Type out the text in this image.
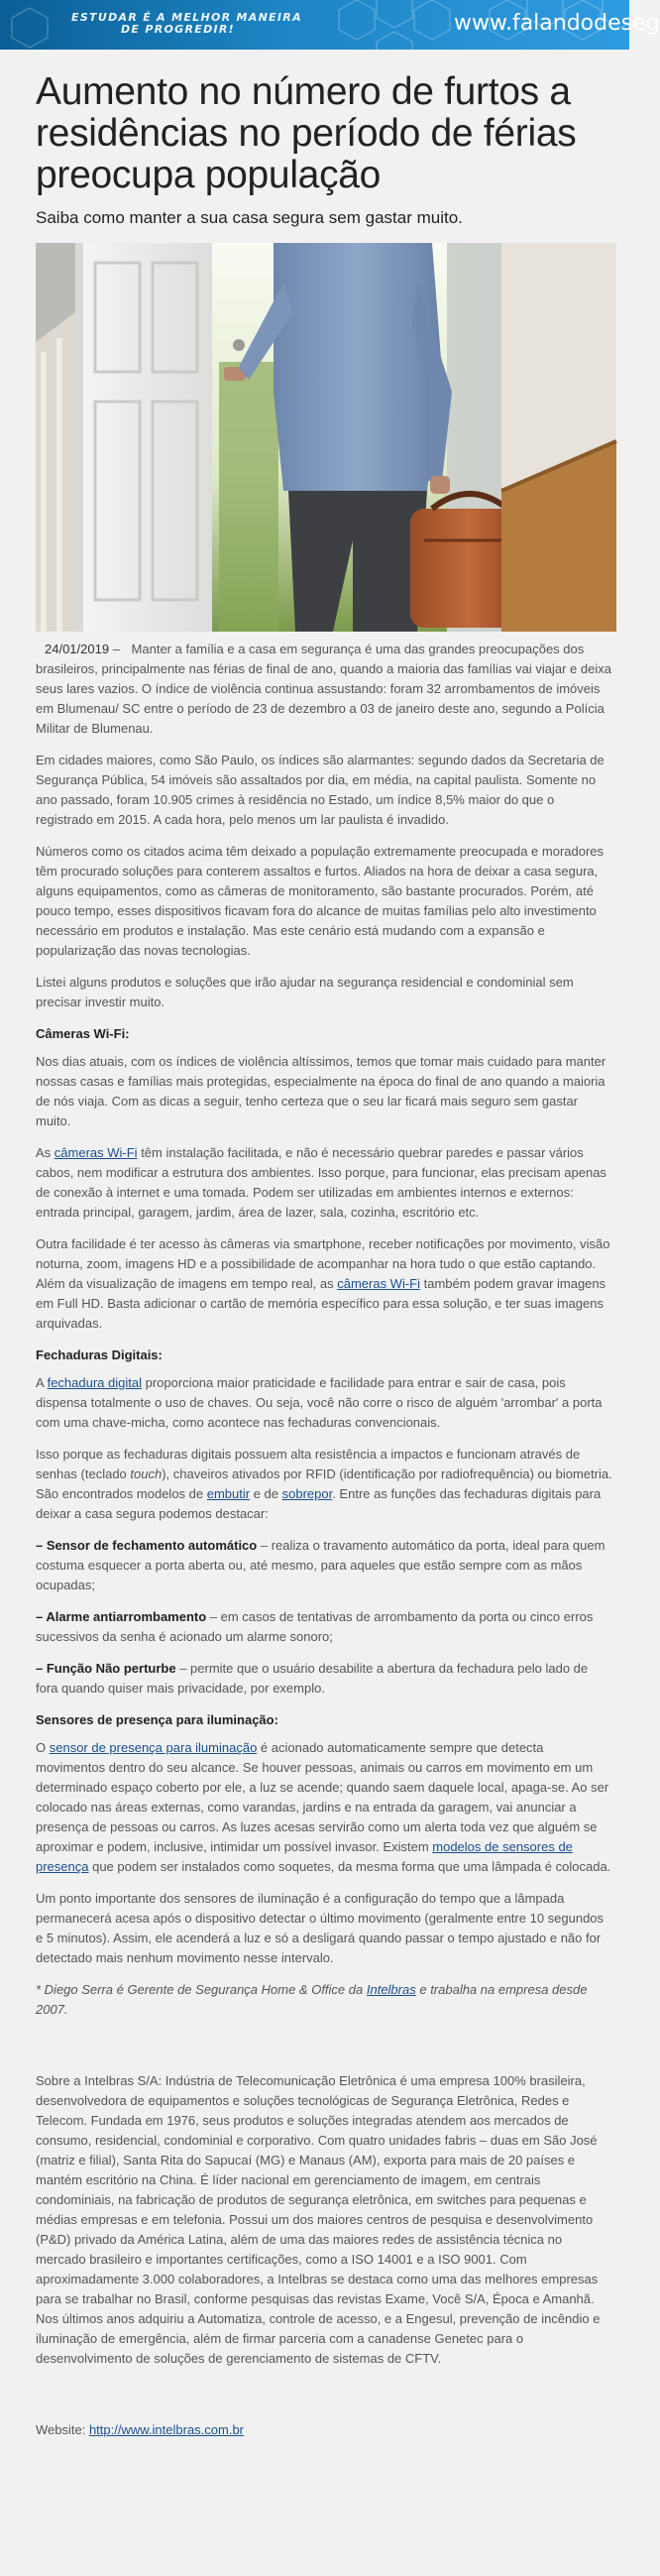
ESTUDAR É A MELHOR MANEIRA
DE PROGREDIR!	www.falandodeseg
Aumento no número de furtos a residências no período de férias preocupa população
Saiba como manter a sua casa segura sem gastar muito.

24/01/2019 – Manter a família e a casa em segurança é uma das grandes preocupações dos brasileiros, principalmente nas férias de final de ano, quando a maioria das famílias vai viajar e deixa seus lares vazios. O índice de violência continua assustando: foram 32 arrombamentos de imóveis em Blumenau/ SC entre o período de 23 de dezembro a 03 de janeiro deste ano, segundo a Polícia Militar de Blumenau.

Em cidades maiores, como São Paulo, os índices são alarmantes: segundo dados da Secretaria de Segurança Pública, 54 imóveis são assaltados por dia, em média, na capital paulista. Somente no ano passado, foram 10.905 crimes à residência no Estado, um índice 8,5% maior do que o registrado em 2015. A cada hora, pelo menos um lar paulista é invadido.

Números como os citados acima têm deixado a população extremamente preocupada e moradores têm procurado soluções para conterem assaltos e furtos. Aliados na hora de deixar a casa segura, alguns equipamentos, como as câmeras de monitoramento, são bastante procurados. Porém, até pouco tempo, esses dispositivos ficavam fora do alcance de muitas famílias pelo alto investimento necessário em produtos e instalação. Mas este cenário está mudando com a expansão e popularização das novas tecnologias.

Listei alguns produtos e soluções que irão ajudar na segurança residencial e condominial sem precisar investir muito.

Câmeras Wi-Fi:

Nos dias atuais, com os índices de violência altíssimos, temos que tomar mais cuidado para manter nossas casas e famílias mais protegidas, especialmente na época do final de ano quando a maioria de nós viaja. Com as dicas a seguir, tenho certeza que o seu lar ficará mais seguro sem gastar muito.

As câmeras Wi-Fi têm instalação facilitada, e não é necessário quebrar paredes e passar vários cabos, nem modificar a estrutura dos ambientes. Isso porque, para funcionar, elas precisam apenas de conexão à internet e uma tomada. Podem ser utilizadas em ambientes internos e externos: entrada principal, garagem, jardim, área de lazer, sala, cozinha, escritório etc.

Outra facilidade é ter acesso às câmeras via smartphone, receber notificações por movimento, visão noturna, zoom, imagens HD e a possibilidade de acompanhar na hora tudo o que estão captando. Além da visualização de imagens em tempo real, as câmeras Wi-Fi também podem gravar imagens em Full HD. Basta adicionar o cartão de memória específico para essa solução, e ter suas imagens arquivadas.

Fechaduras Digitais:

A fechadura digital proporciona maior praticidade e facilidade para entrar e sair de casa, pois dispensa totalmente o uso de chaves. Ou seja, você não corre o risco de alguém 'arrombar' a porta com uma chave-micha, como acontece nas fechaduras convencionais.

Isso porque as fechaduras digitais possuem alta resistência a impactos e funcionam através de senhas (teclado touch), chaveiros ativados por RFID (identificação por radiofrequência) ou biometria. São encontrados modelos de embutir e de sobrepor. Entre as funções das fechaduras digitais para deixar a casa segura podemos destacar:

– Sensor de fechamento automático – realiza o travamento automático da porta, ideal para quem costuma esquecer a porta aberta ou, até mesmo, para aqueles que estão sempre com as mãos ocupadas;

– Alarme antiarrombamento – em casos de tentativas de arrombamento da porta ou cinco erros sucessivos da senha é acionado um alarme sonoro;

– Função Não perturbe – permite que o usuário desabilite a abertura da fechadura pelo lado de fora quando quiser mais privacidade, por exemplo.

Sensores de presença para iluminação:

O sensor de presença para iluminação é acionado automaticamente sempre que detecta movimentos dentro do seu alcance. Se houver pessoas, animais ou carros em movimento em um determinado espaço coberto por ele, a luz se acende; quando saem daquele local, apaga-se. Ao ser colocado nas áreas externas, como varandas, jardins e na entrada da garagem, vai anunciar a presença de pessoas ou carros. As luzes acesas servirão como um alerta toda vez que alguém se aproximar e podem, inclusive, intimidar um possível invasor. Existem modelos de sensores de presença que podem ser instalados como soquetes, da mesma forma que uma lâmpada é colocada.

Um ponto importante dos sensores de iluminação é a configuração do tempo que a lâmpada permanecerá acesa após o dispositivo detectar o último movimento (geralmente entre 10 segundos e 5 minutos). Assim, ele acenderá a luz e só a desligará quando passar o tempo ajustado e não for detectado mais nenhum movimento nesse intervalo.

* Diego Serra é Gerente de Segurança Home & Office da Intelbras e trabalha na empresa desde 2007.

Sobre a Intelbras S/A: Indústria de Telecomunicação Eletrônica é uma empresa 100% brasileira, desenvolvedora de equipamentos e soluções tecnológicas de Segurança Eletrônica, Redes e Telecom. Fundada em 1976, seus produtos e soluções integradas atendem aos mercados de consumo, residencial, condominial e corporativo. Com quatro unidades fabris – duas em São José (matriz e filial), Santa Rita do Sapucaí (MG) e Manaus (AM), exporta para mais de 20 países e mantém escritório na China. É líder nacional em gerenciamento de imagem, em centrais condominiais, na fabricação de produtos de segurança eletrônica, em switches para pequenas e médias empresas e em telefonia. Possui um dos maiores centros de pesquisa e desenvolvimento (P&D) privado da América Latina, além de uma das maiores redes de assistência técnica no mercado brasileiro e importantes certificações, como a ISO 14001 e a ISO 9001. Com aproximadamente 3.000 colaboradores, a Intelbras se destaca como uma das melhores empresas para se trabalhar no Brasil, conforme pesquisas das revistas Exame, Você S/A, Época e Amanhã. Nos últimos anos adquiriu a Automatiza, controle de acesso, e a Engesul, prevenção de incêndio e iluminação de emergência, além de firmar parceria com a canadense Genetec para o desenvolvimento de soluções de gerenciamento de sistemas de CFTV.

Website: http://www.intelbras.com.br
